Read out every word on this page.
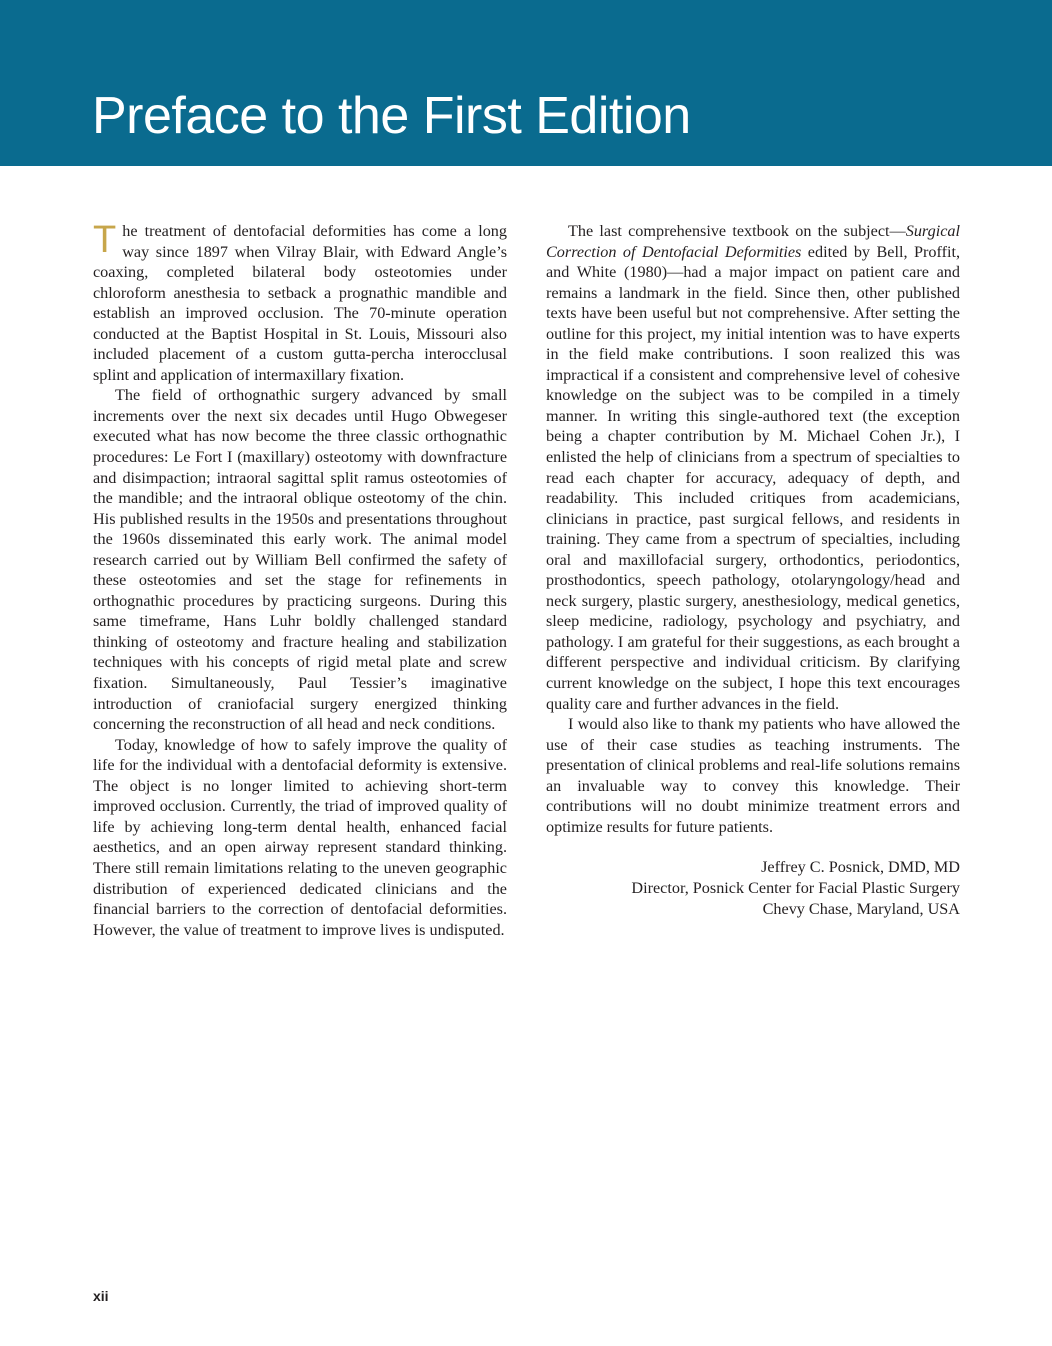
Preface to the First Edition

The treatment of dentofacial deformities has come a long way since 1897 when Vilray Blair, with Edward Angle’s coaxing, completed bilateral body osteotomies under chloroform anesthesia to setback a prognathic mandible and establish an improved occlusion. The 70-minute operation conducted at the Baptist Hospital in St. Louis, Missouri also included placement of a custom gutta-percha interocclusal splint and application of intermaxillary fixation.

The field of orthognathic surgery advanced by small increments over the next six decades until Hugo Obwegeser executed what has now become the three classic orthognathic procedures: Le Fort I (maxillary) osteotomy with downfracture and disimpaction; intraoral sagittal split ramus osteotomies of the mandible; and the intraoral oblique osteotomy of the chin. His published results in the 1950s and presentations throughout the 1960s disseminated this early work. The animal model research carried out by William Bell confirmed the safety of these osteotomies and set the stage for refinements in orthognathic procedures by practicing surgeons. During this same timeframe, Hans Luhr boldly challenged standard thinking of osteotomy and fracture healing and stabilization techniques with his concepts of rigid metal plate and screw fixation. Simultaneously, Paul Tessier’s imaginative introduction of craniofacial surgery energized thinking concerning the reconstruction of all head and neck conditions.

Today, knowledge of how to safely improve the quality of life for the individual with a dentofacial deformity is extensive. The object is no longer limited to achieving short-term improved occlusion. Currently, the triad of improved quality of life by achieving long-term dental health, enhanced facial aesthetics, and an open airway represent standard thinking. There still remain limitations relating to the uneven geographic distribution of experienced dedicated clinicians and the financial barriers to the correction of dentofacial deformities. However, the value of treatment to improve lives is undisputed.

The last comprehensive textbook on the subject—Surgical Correction of Dentofacial Deformities edited by Bell, Proffit, and White (1980)—had a major impact on patient care and remains a landmark in the field. Since then, other published texts have been useful but not comprehensive. After setting the outline for this project, my initial intention was to have experts in the field make contributions. I soon realized this was impractical if a consistent and comprehensive level of cohesive knowledge on the subject was to be compiled in a timely manner. In writing this single-authored text (the exception being a chapter contribution by M. Michael Cohen Jr.), I enlisted the help of clinicians from a spectrum of specialties to read each chapter for accuracy, adequacy of depth, and readability. This included critiques from academicians, clinicians in practice, past surgical fellows, and residents in training. They came from a spectrum of specialties, including oral and maxillofacial surgery, orthodontics, periodontics, prosthodontics, speech pathology, otolaryngology/head and neck surgery, plastic surgery, anesthesiology, medical genetics, sleep medicine, radiology, psychology and psychiatry, and pathology. I am grateful for their suggestions, as each brought a different perspective and individual criticism. By clarifying current knowledge on the subject, I hope this text encourages quality care and further advances in the field.

I would also like to thank my patients who have allowed the use of their case studies as teaching instruments. The presentation of clinical problems and real-life solutions remains an invaluable way to convey this knowledge. Their contributions will no doubt minimize treatment errors and optimize results for future patients.

Jeffrey C. Posnick, DMD, MD
Director, Posnick Center for Facial Plastic Surgery
Chevy Chase, Maryland, USA
xii
